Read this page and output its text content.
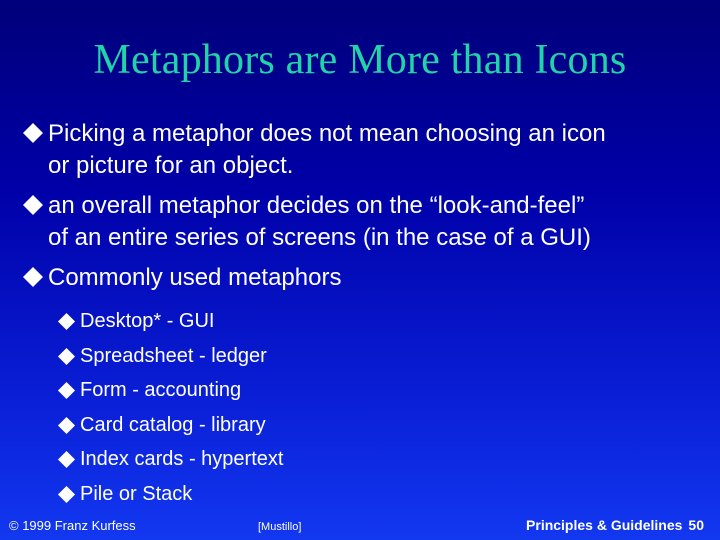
Metaphors are More than Icons
Picking a metaphor does not mean choosing an icon
or picture for an object.
an overall metaphor decides on the “look-and-feel”
of an entire series of screens (in the case of a GUI)
Commonly used metaphors
Desktop* - GUI
Spreadsheet - ledger
Form - accounting
Card catalog - library
Index cards - hypertext
Pile or Stack
© 1999 Franz Kurfess	[Mustillo]	Principles & Guidelines 50
